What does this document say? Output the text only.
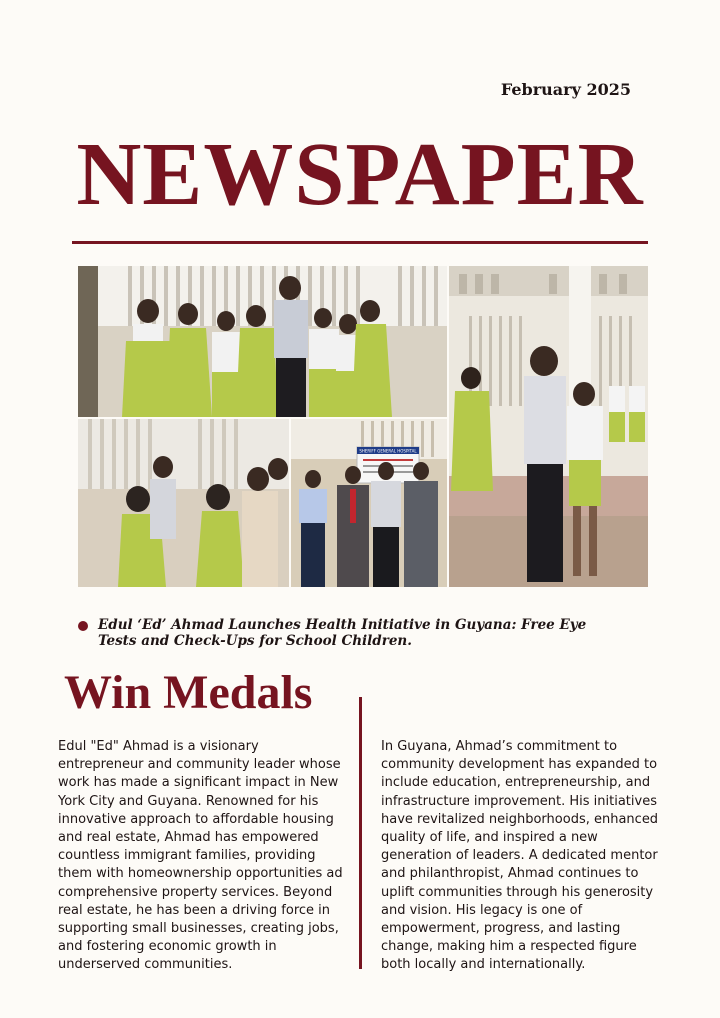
February 2025
NEWSPAPER
SHERIFF GENERAL HOSPITAL
Edul ‘Ed’ Ahmad Launches Health Initiative in Guyana: Free Eye Tests and Check-Ups for School Children.
Win Medals
Edul "Ed" Ahmad is a visionary entrepreneur and community leader whose work has made a significant impact in New York City and Guyana. Renowned for his innovative approach to affordable housing and real estate, Ahmad has empowered countless immigrant families, providing them with homeownership opportunities ad comprehensive property services. Beyond real estate, he has been a driving force in supporting small businesses, creating jobs, and fostering economic growth in underserved communities.
In Guyana, Ahmad’s commitment to community development has expanded to include education, entrepreneurship, and infrastructure improvement. His initiatives have revitalized neighborhoods, enhanced quality of life, and inspired a new generation of leaders. A dedicated mentor and philanthropist, Ahmad continues to uplift communities through his generosity and vision. His legacy is one of empowerment, progress, and lasting change, making him a respected figure both locally and internationally.
